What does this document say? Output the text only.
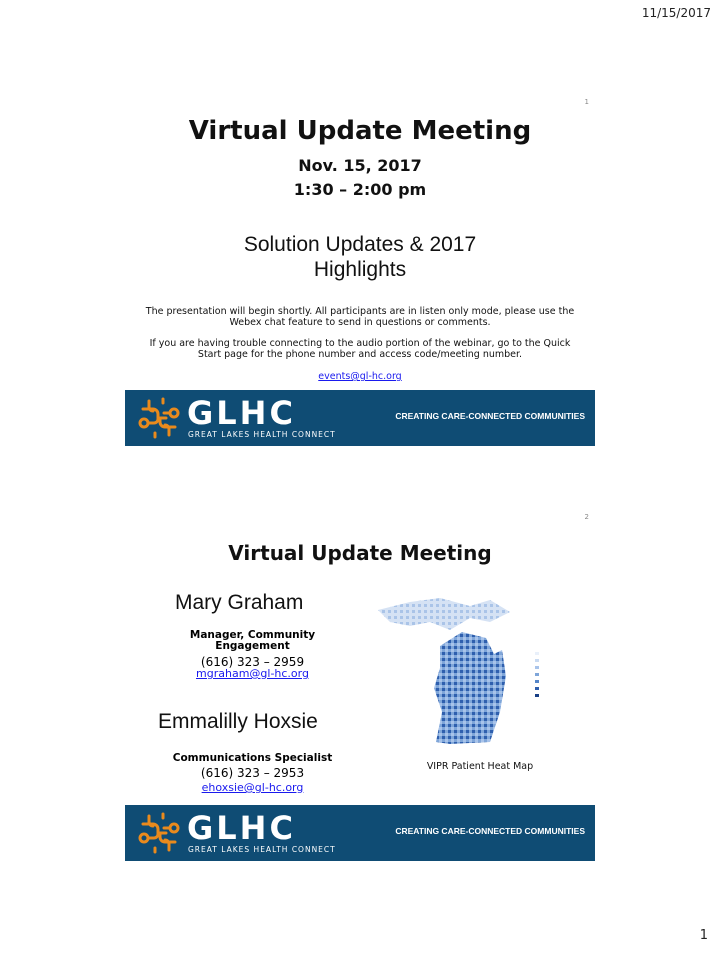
11/15/2017
1
Virtual Update Meeting
Nov. 15, 2017
1:30 – 2:00 pm
Solution Updates & 2017
Highlights
The presentation will begin shortly. All participants are in listen only mode, please use the Webex chat feature to send in questions or comments.
If you are having trouble connecting to the audio portion of the webinar, go to the Quick Start page for the phone number and access code/meeting number.
events@gl-hc.org
GLHC
GREAT LAKES HEALTH CONNECT
CREATING CARE-CONNECTED COMMUNITIES
2
Virtual Update Meeting
Mary Graham
Manager, Community Engagement
(616) 323 – 2959
mgraham@gl-hc.org
Emmalilly Hoxsie
Communications Specialist
(616) 323 – 2953
ehoxsie@gl-hc.org
VIPR Patient Heat Map
GLHC
GREAT LAKES HEALTH CONNECT
CREATING CARE-CONNECTED COMMUNITIES
1
